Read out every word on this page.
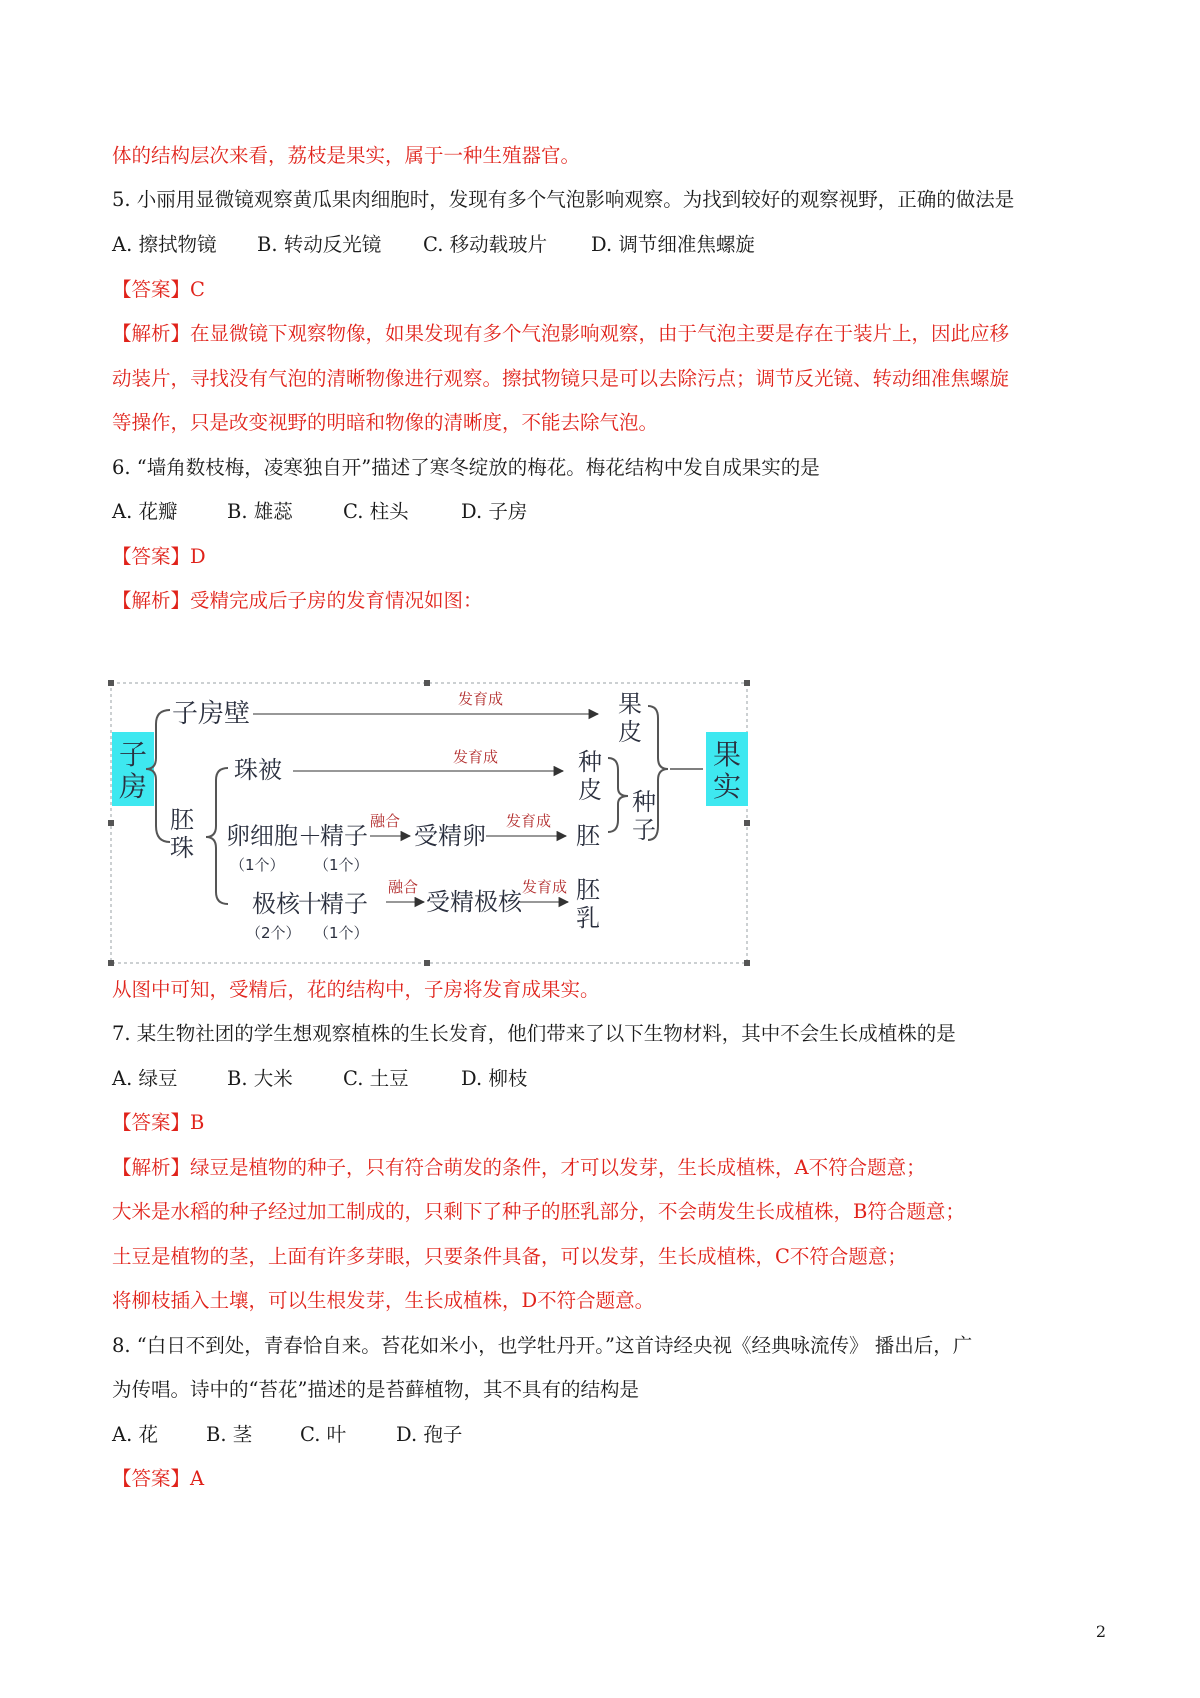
体的结构层次来看，荔枝是果实，属于一种生殖器官。
5. 小丽用显微镜观察黄瓜果肉细胞时，发现有多个气泡影响观察。为找到较好的观察视野，正确的做法是
A. 擦拭物镜 B. 转动反光镜 C. 移动载玻片 D. 调节细准焦螺旋
【答案】C
【解析】在显微镜下观察物像，如果发现有多个气泡影响观察，由于气泡主要是存在于装片上，因此应移
动装片，寻找没有气泡的清晰物像进行观察。擦拭物镜只是可以去除污点；调节反光镜、转动细准焦螺旋
等操作，只是改变视野的明暗和物像的清晰度，不能去除气泡。
6. “墙角数枝梅，凌寒独自开”描述了寒冬绽放的梅花。梅花结构中发自成果实的是
A. 花瓣	B. 雄蕊	C. 柱头	D. 子房
【答案】D
【解析】受精完成后子房的发育情况如图：
子
房
果
实
子房壁	发育成	果
皮
珠被	发育成	种
皮
胚
珠 卵细胞 ＋
精子
（1个） （1个）
融合
受精卵
发育成
胚
种
子
极核
十
精子
（2个） （1个）
融合
受精极核
发育成 胚
乳
从图中可知，受精后，花的结构中，子房将发育成果实。
7. 某生物社团的学生想观察植株的生长发育，他们带来了以下生物材料，其中不会生长成植株的是
A. 绿豆	B. 大米	C. 土豆	D. 柳枝
【答案】B
【解析】绿豆是植物的种子，只有符合萌发的条件，才可以发芽，生长成植株，A不符合题意；
大米是水稻的种子经过加工制成的，只剩下了种子的胚乳部分，不会萌发生长成植株，B符合题意；
土豆是植物的茎，上面有许多芽眼，只要条件具备，可以发芽，生长成植株，C不符合题意；
将柳枝插入土壤，可以生根发芽，生长成植株，D不符合题意。
8. “白日不到处，青春恰自来。苔花如米小，也学牡丹开。”这首诗经央视《经典咏流传》 播出后，广
为传唱。诗中的“苔花”描述的是苔藓植物，其不具有的结构是
A. 花 B. 茎 C. 叶	D. 孢子
【答案】A
2
